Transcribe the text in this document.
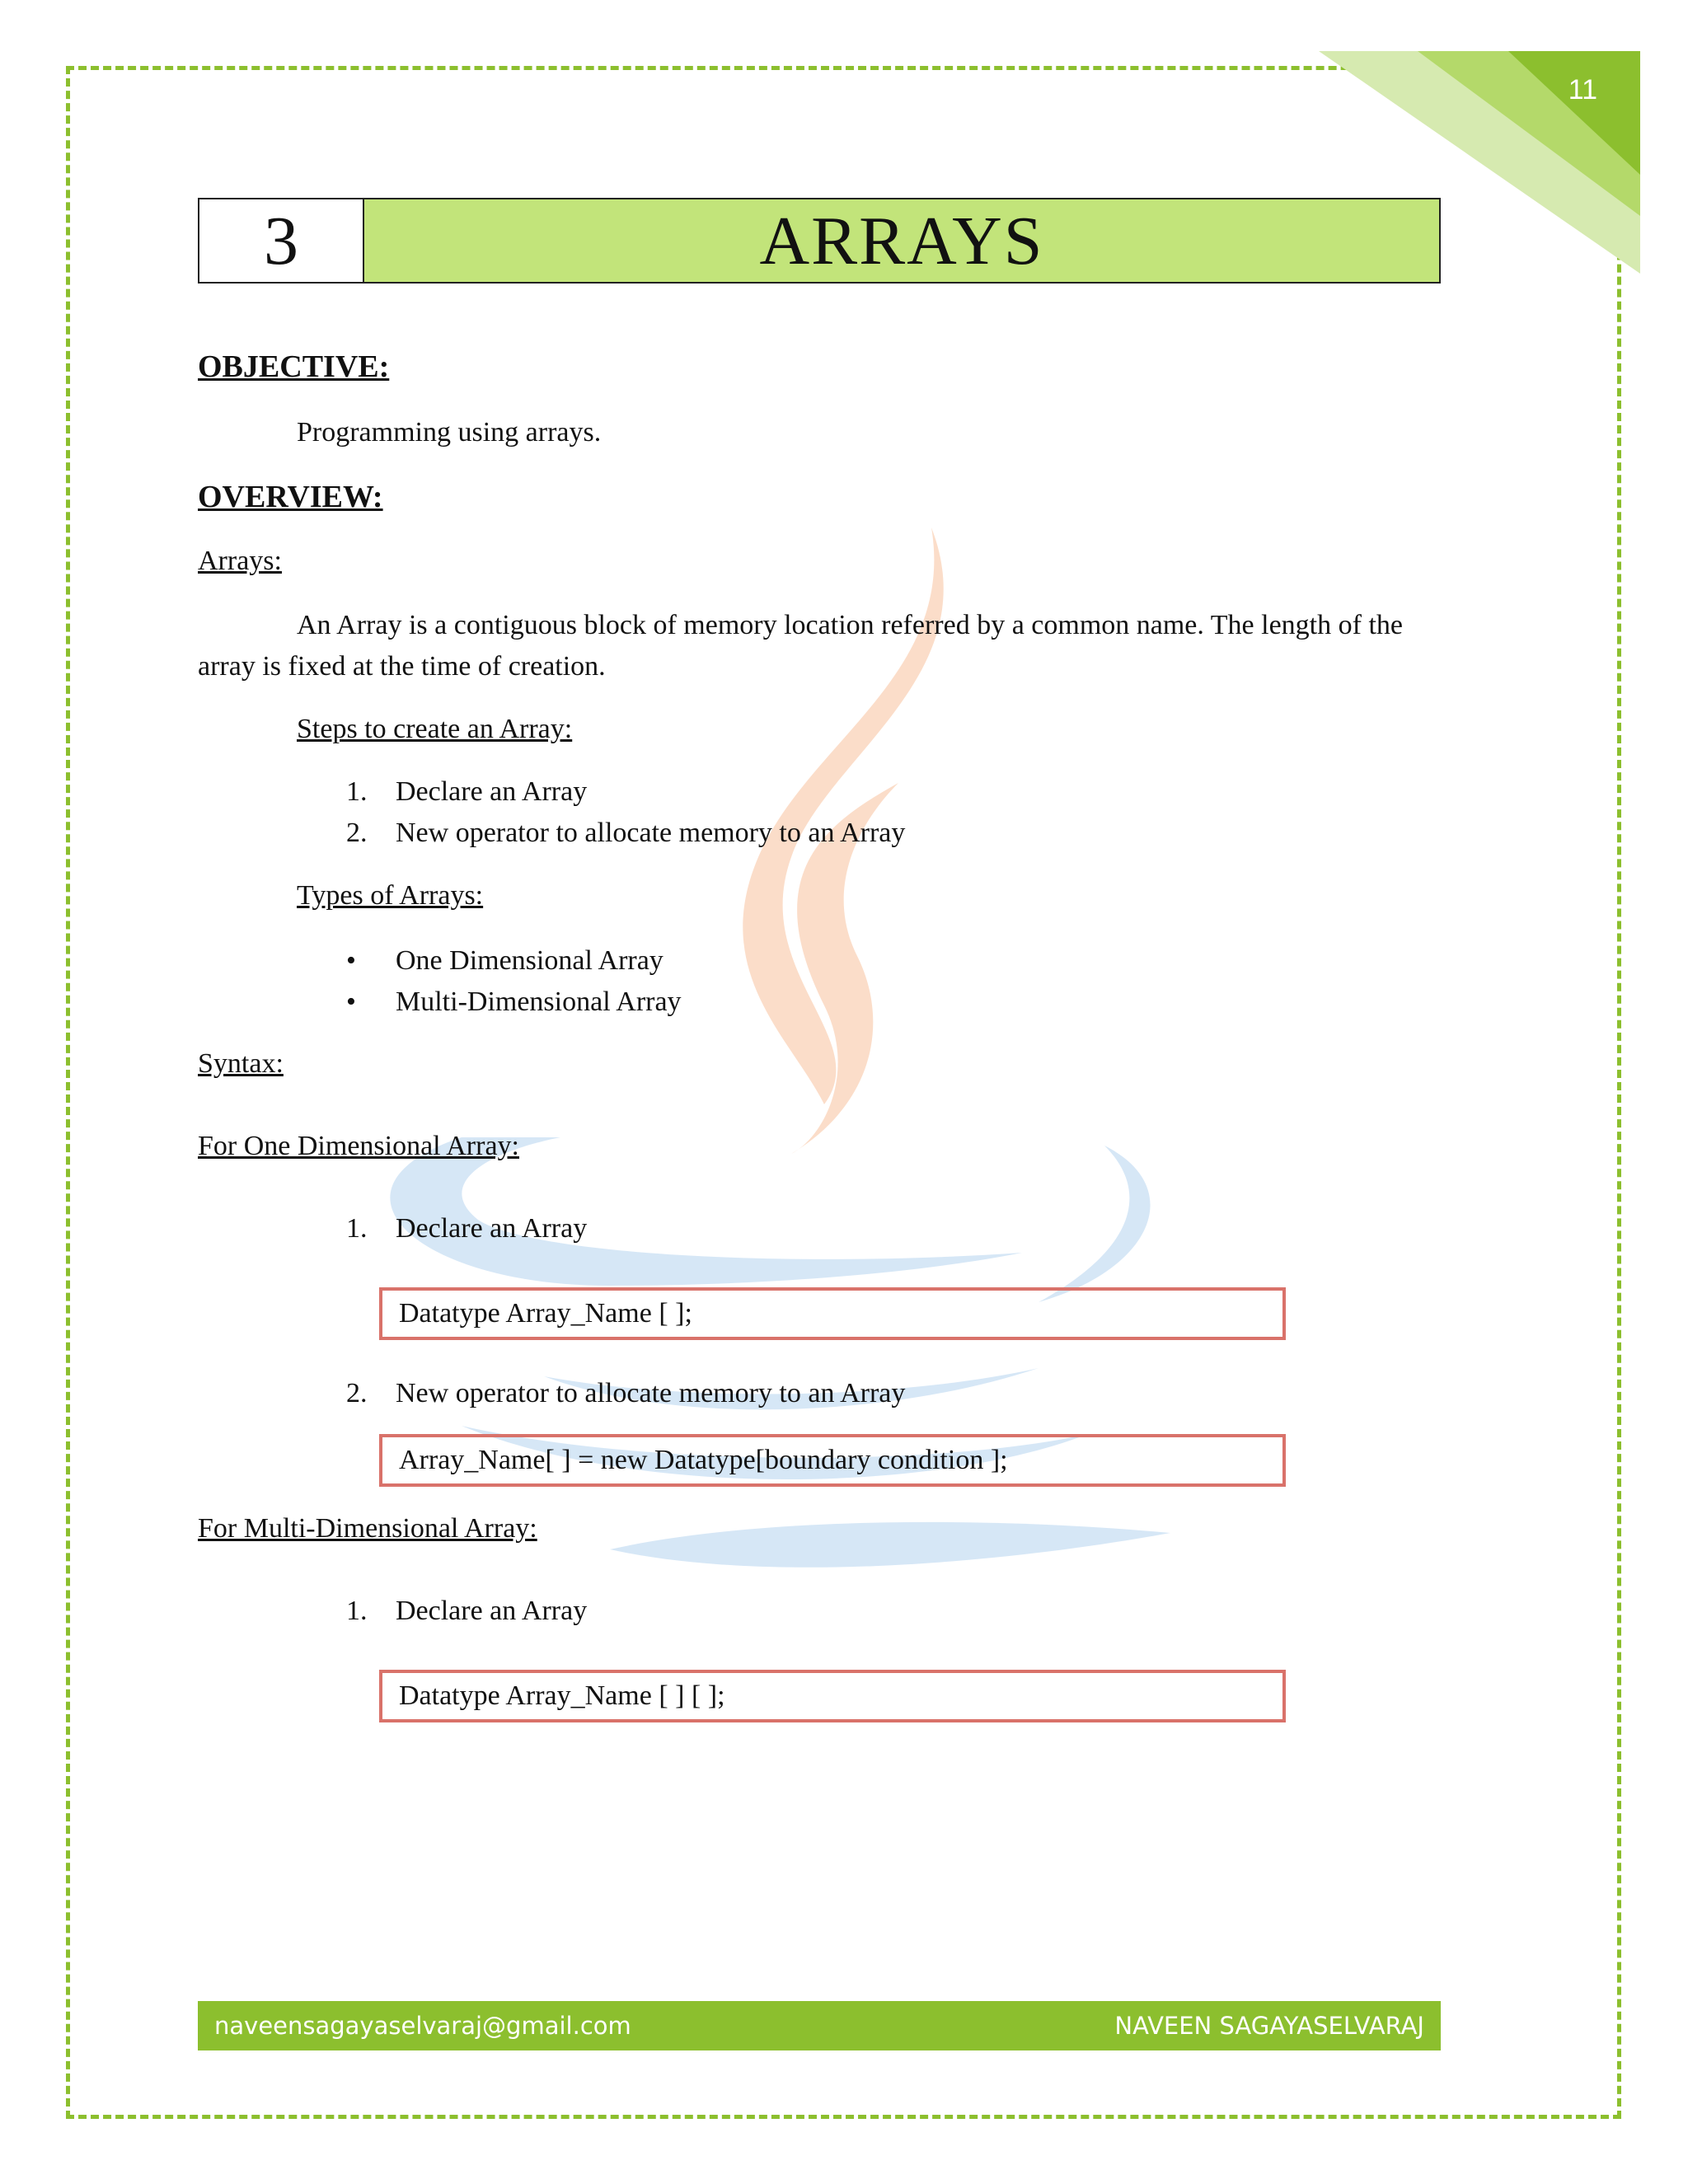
11
3	ARRAYS

OBJECTIVE:

Programming using arrays.

OVERVIEW:

Arrays:

An Array is a contiguous block of memory location referred by a common name. The length of the array is fixed at the time of creation.

Steps to create an Array:

1. Declare an Array
2. New operator to allocate memory to an Array

Types of Arrays:

• One Dimensional Array
• Multi-Dimensional Array

Syntax:

For One Dimensional Array:

1. Declare an Array
Datatype Array_Name [ ];
2. New operator to allocate memory to an Array
Array_Name[ ] = new Datatype[boundary condition ];

For Multi-Dimensional Array:

1. Declare an Array
Datatype Array_Name [ ] [ ];
naveensagayaselvaraj@gmail.com	NAVEEN SAGAYASELVARAJ
